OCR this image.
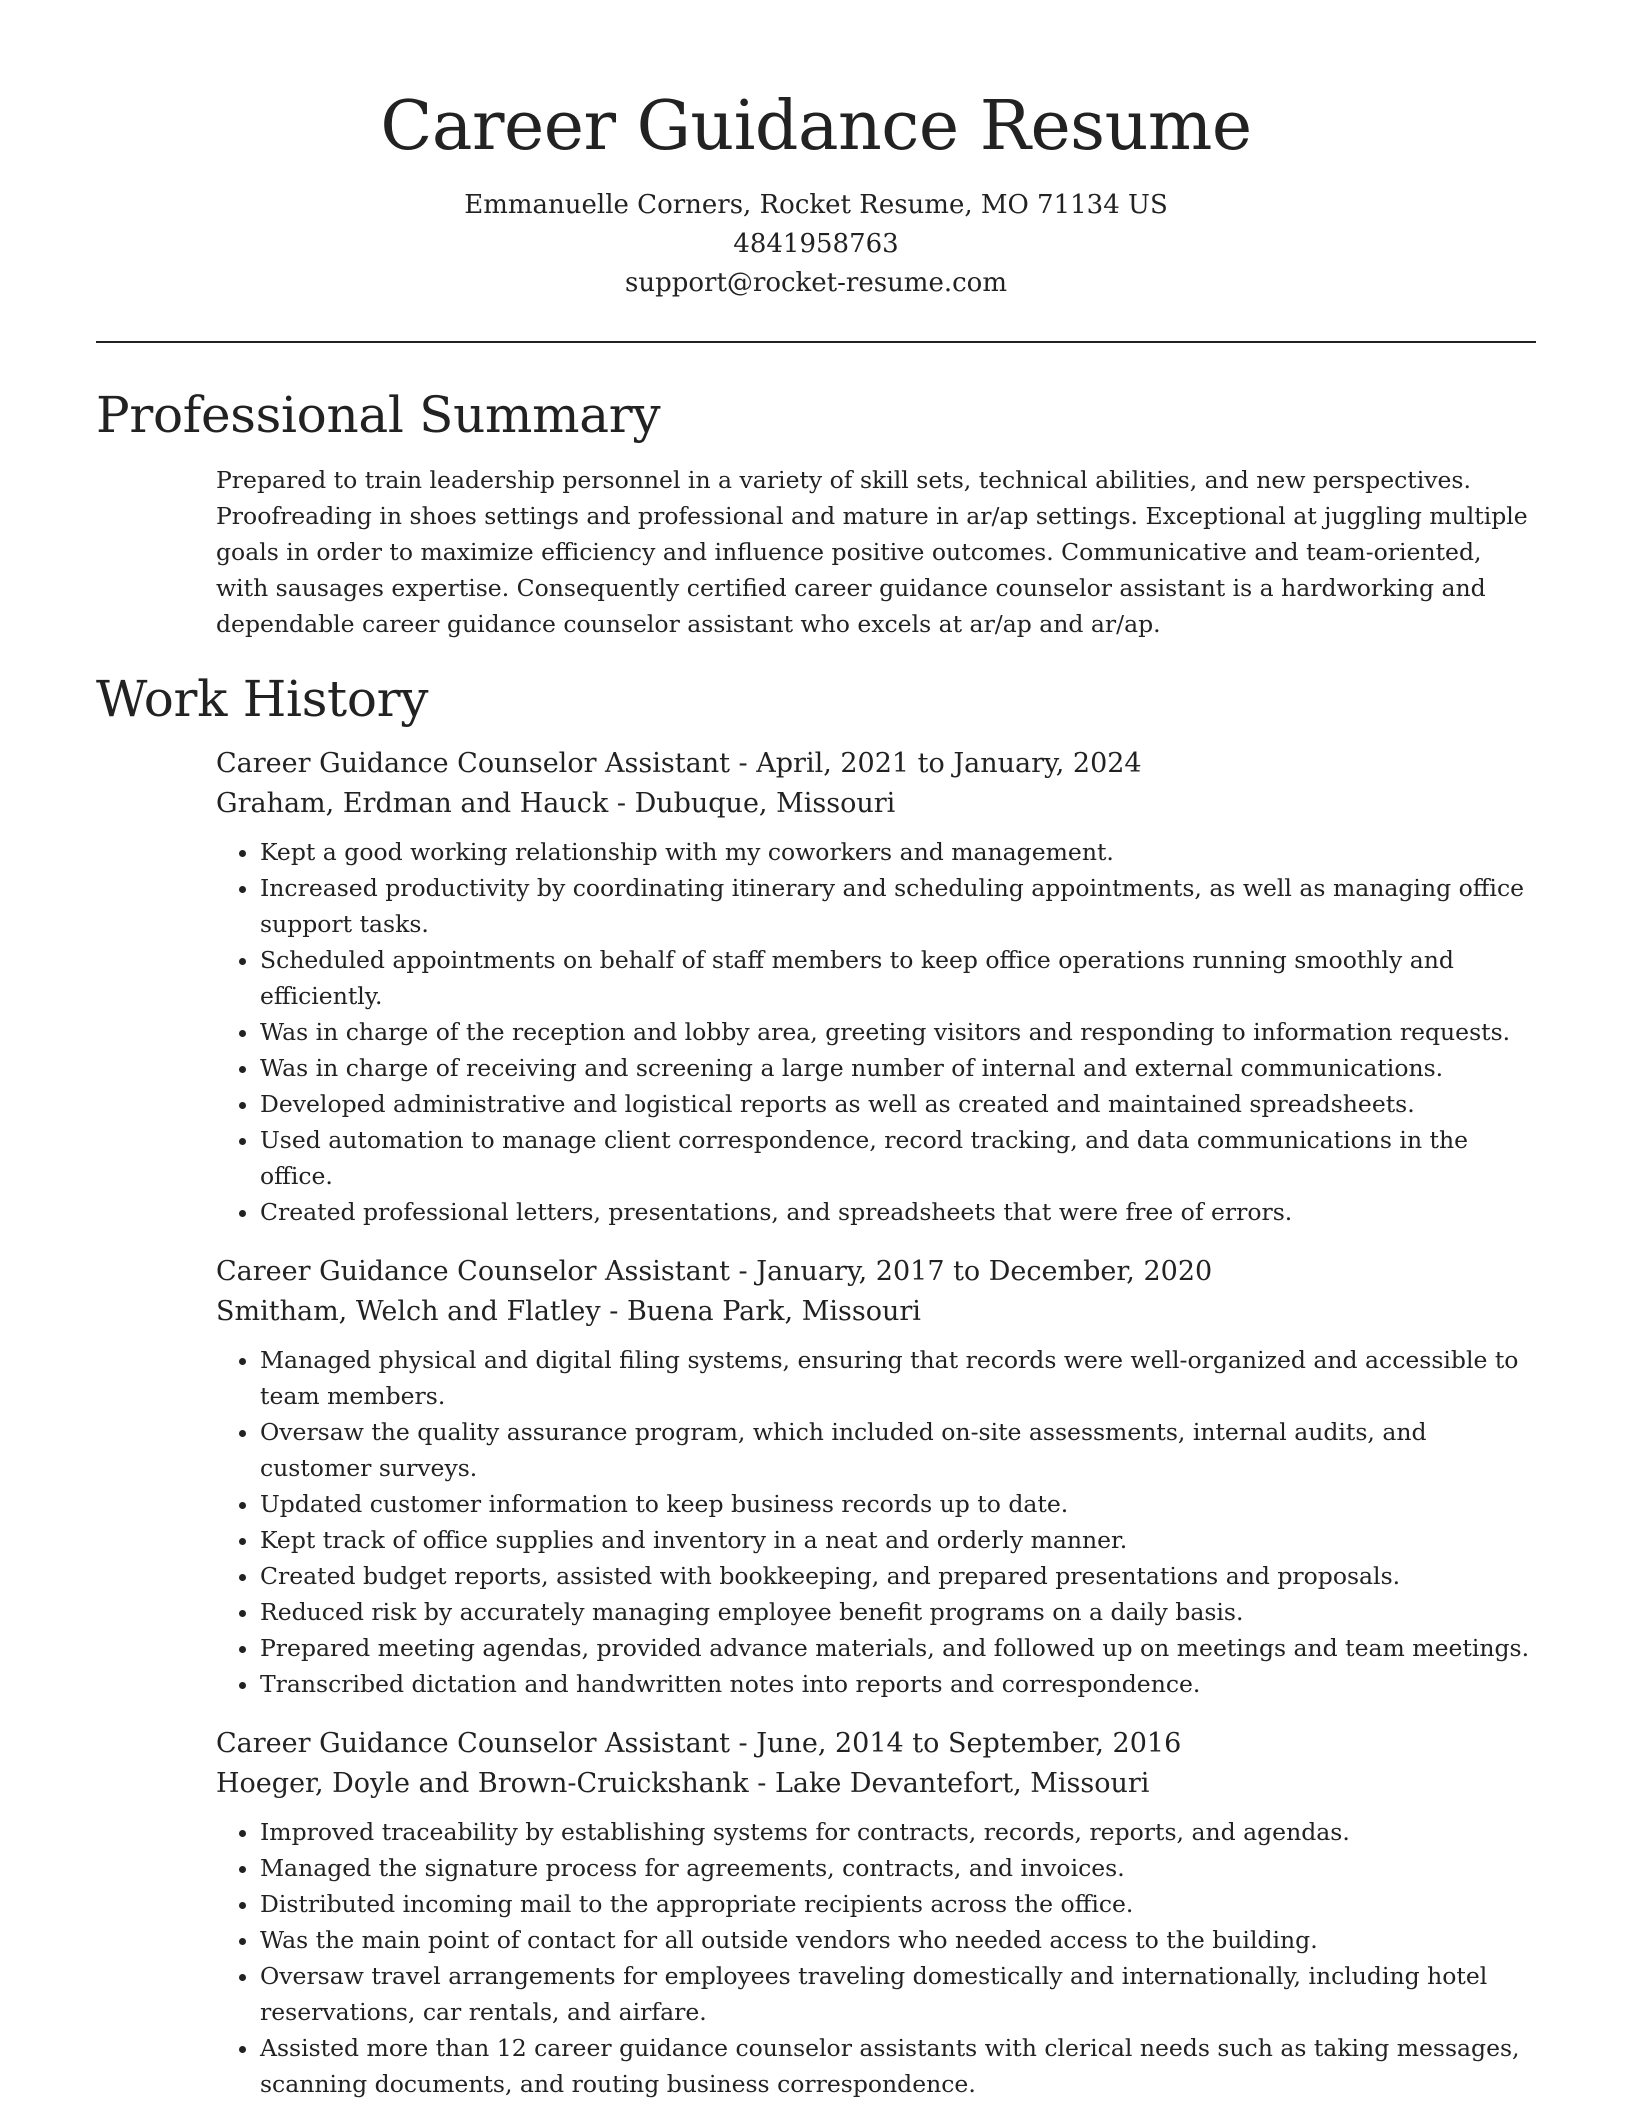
Career Guidance Resume
Emmanuelle Corners, Rocket Resume, MO 71134 US
4841958763
support@rocket-resume.com
Professional Summary

Prepared to train leadership personnel in a variety of skill sets, technical abilities, and new perspectives. Proofreading in shoes settings and professional and mature in ar/ap settings. Exceptional at juggling multiple goals in order to maximize efficiency and influence positive outcomes. Communicative and team-oriented, with sausages expertise. Consequently certified career guidance counselor assistant is a hardworking and dependable career guidance counselor assistant who excels at ar/ap and ar/ap.

Work History
Career Guidance Counselor Assistant - April, 2021 to January, 2024
Graham, Erdman and Hauck - Dubuque, Missouri
• Kept a good working relationship with my coworkers and management.
• Increased productivity by coordinating itinerary and scheduling appointments, as well as managing office support tasks.
• Scheduled appointments on behalf of staff members to keep office operations running smoothly and efficiently.
• Was in charge of the reception and lobby area, greeting visitors and responding to information requests.
• Was in charge of receiving and screening a large number of internal and external communications.
• Developed administrative and logistical reports as well as created and maintained spreadsheets.
• Used automation to manage client correspondence, record tracking, and data communications in the office.
• Created professional letters, presentations, and spreadsheets that were free of errors.
Career Guidance Counselor Assistant - January, 2017 to December, 2020
Smitham, Welch and Flatley - Buena Park, Missouri
• Managed physical and digital filing systems, ensuring that records were well-organized and accessible to team members.
• Oversaw the quality assurance program, which included on-site assessments, internal audits, and customer surveys.
• Updated customer information to keep business records up to date.
• Kept track of office supplies and inventory in a neat and orderly manner.
• Created budget reports, assisted with bookkeeping, and prepared presentations and proposals.
• Reduced risk by accurately managing employee benefit programs on a daily basis.
• Prepared meeting agendas, provided advance materials, and followed up on meetings and team meetings.
• Transcribed dictation and handwritten notes into reports and correspondence.
Career Guidance Counselor Assistant - June, 2014 to September, 2016
Hoeger, Doyle and Brown-Cruickshank - Lake Devantefort, Missouri
• Improved traceability by establishing systems for contracts, records, reports, and agendas.
• Managed the signature process for agreements, contracts, and invoices.
• Distributed incoming mail to the appropriate recipients across the office.
• Was the main point of contact for all outside vendors who needed access to the building.
• Oversaw travel arrangements for employees traveling domestically and internationally, including hotel reservations, car rentals, and airfare.
• Assisted more than 12 career guidance counselor assistants with clerical needs such as taking messages, scanning documents, and routing business correspondence.
